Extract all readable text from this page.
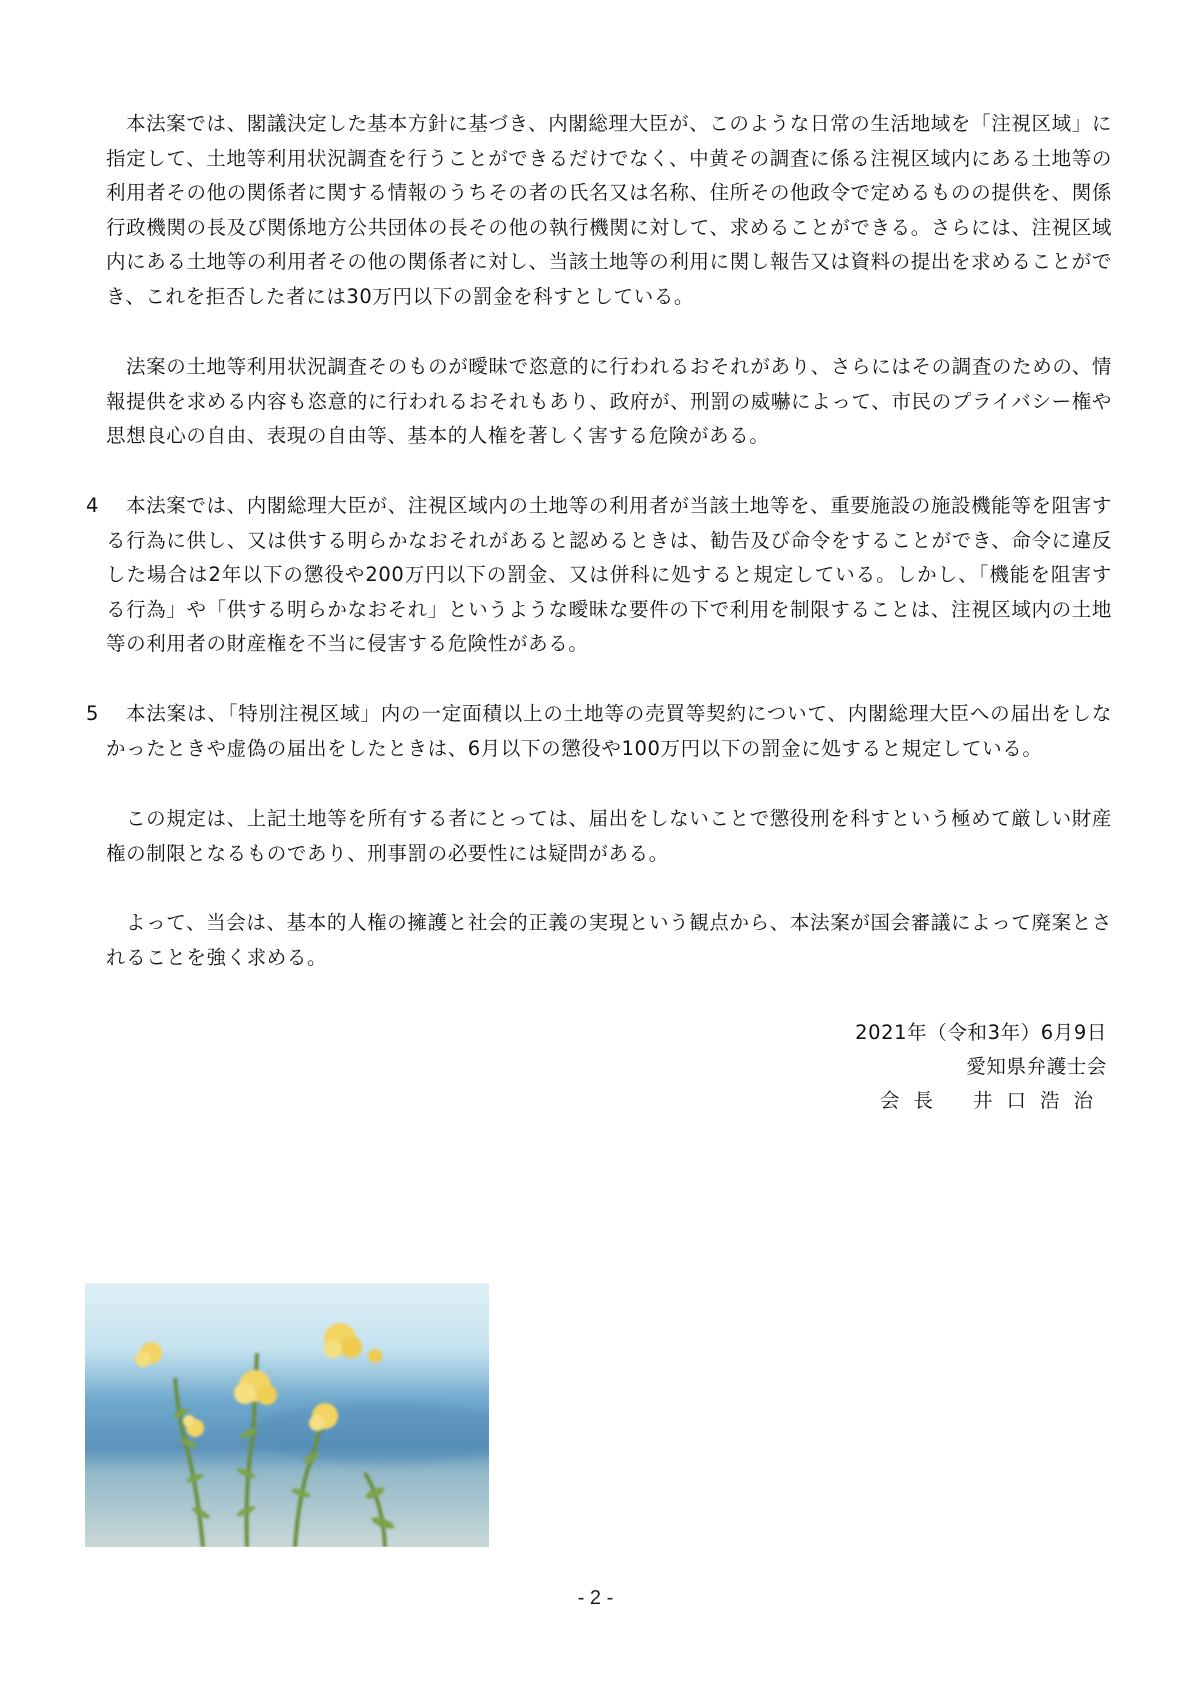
本法案では、閣議決定した基本方針に基づき、内閣総理大臣が、このような日常の生活地域を「注視区域」に指定して、土地等利用状況調査を行うことができるだけでなく、中黄その調査に係る注視区域内にある土地等の利用者その他の関係者に関する情報のうちその者の氏名又は名称、住所その他政令で定めるものの提供を、関係行政機関の長及び関係地方公共団体の長その他の執行機関に対して、求めることができる。さらには、注視区域内にある土地等の利用者その他の関係者に対し、当該土地等の利用に関し報告又は資料の提出を求めることができ、これを拒否した者には30万円以下の罰金を科すとしている。

法案の土地等利用状況調査そのものが曖昧で恣意的に行われるおそれがあり、さらにはその調査のための、情報提供を求める内容も恣意的に行われるおそれもあり、政府が、刑罰の威嚇によって、市民のプライバシー権や思想良心の自由、表現の自由等、基本的人権を著しく害する危険がある。

4	本法案では、内閣総理大臣が、注視区域内の土地等の利用者が当該土地等を、重要施設の施設機能等を阻害する行為に供し、又は供する明らかなおそれがあると認めるときは、勧告及び命令をすることができ、命令に違反した場合は2年以下の懲役や200万円以下の罰金、又は併科に処すると規定している。しかし、「機能を阻害する行為」や「供する明らかなおそれ」というような曖昧な要件の下で利用を制限することは、注視区域内の土地等の利用者の財産権を不当に侵害する危険性がある。
5	本法案は、「特別注視区域」内の一定面積以上の土地等の売買等契約について、内閣総理大臣への届出をしなかったときや虚偽の届出をしたときは、6月以下の懲役や100万円以下の罰金に処すると規定している。

この規定は、上記土地等を所有する者にとっては、届出をしないことで懲役刑を科すという極めて厳しい財産権の制限となるものであり、刑事罰の必要性には疑問がある。

よって、当会は、基本的人権の擁護と社会的正義の実現という観点から、本法案が国会審議によって廃案とされることを強く求める。

2021年（令和3年）6月9日
愛知県弁護士会
会長 井口浩治
- 2 -
